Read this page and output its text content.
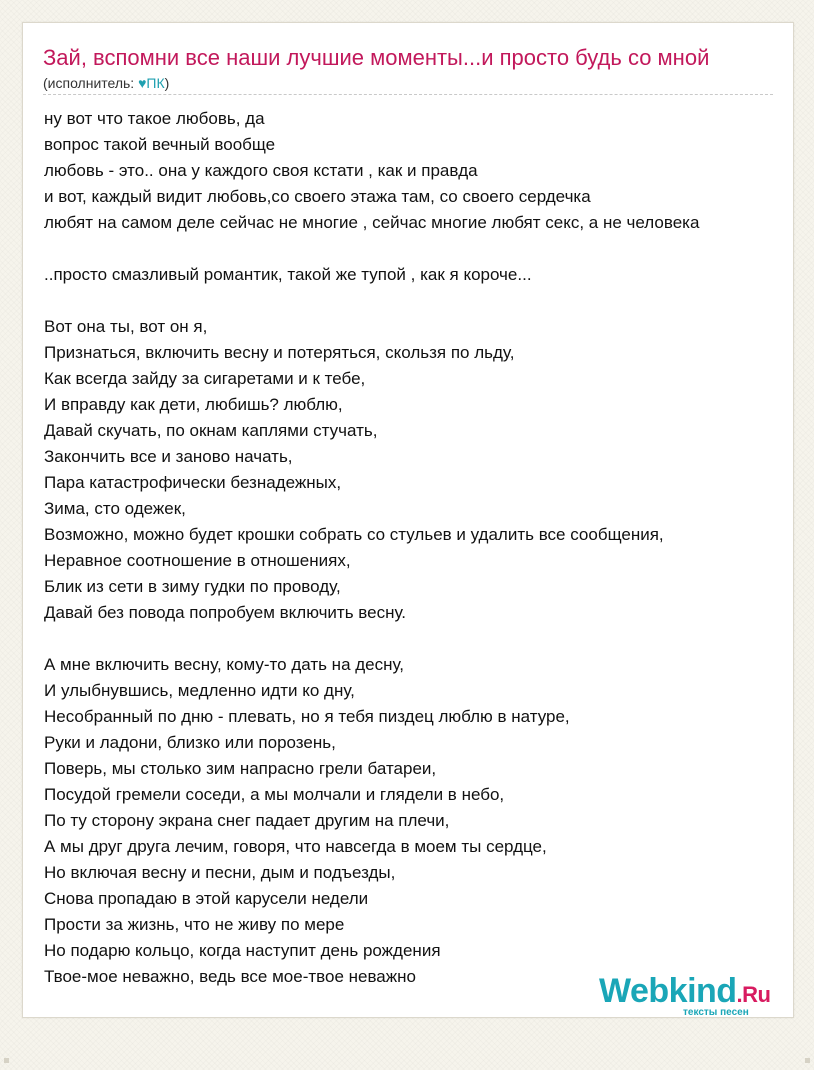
Зай, вспомни все наши лучшие моменты...и просто будь со мной
(исполнитель: ♥ПК)
ну вот что такое любовь, да
вопрос такой вечный вообще
любовь - это.. она у каждого своя кстати , как и правда
и вот, каждый видит любовь,со своего этажа там, со своего сердечка
любят на самом деле сейчас не многие , сейчас многие любят секс, а не человека
..просто смазливый романтик, такой же тупой , как я короче...
Вот она ты, вот он я,
Признаться, включить весну и потеряться, скользя по льду,
Как всегда зайду за сигаретами и к тебе,
И вправду как дети, любишь? люблю,
Давай скучать, по окнам каплями стучать,
Закончить все и заново начать,
Пара катастрофически безнадежных,
Зима, сто одежек,
Возможно, можно будет крошки собрать со стульев и удалить все сообщения,
Неравное соотношение в отношениях,
Блик из сети в зиму гудки по проводу,
Давай без повода попробуем включить весну.
А мне включить весну, кому-то дать на десну,
И улыбнувшись, медленно идти ко дну,
Несобранный по дню - плевать, но я тебя пиздец люблю в натуре,
Руки и ладони, близко или порозень,
Поверь, мы столько зим напрасно грели батареи,
Посудой гремели соседи, а мы молчали и глядели в небо,
По ту сторону экрана снег падает другим на плечи,
А мы друг друга лечим, говоря, что навсегда в моем ты сердце,
Но включая весну и песни, дым и подъезды,
Снова пропадаю в этой карусели недели
Прости за жизнь, что не живу по мере
Но подарю кольцо, когда наступит день рождения
Твое-мое неважно, ведь все мое-твое неважно	Webkind.Ru
тексты песен
